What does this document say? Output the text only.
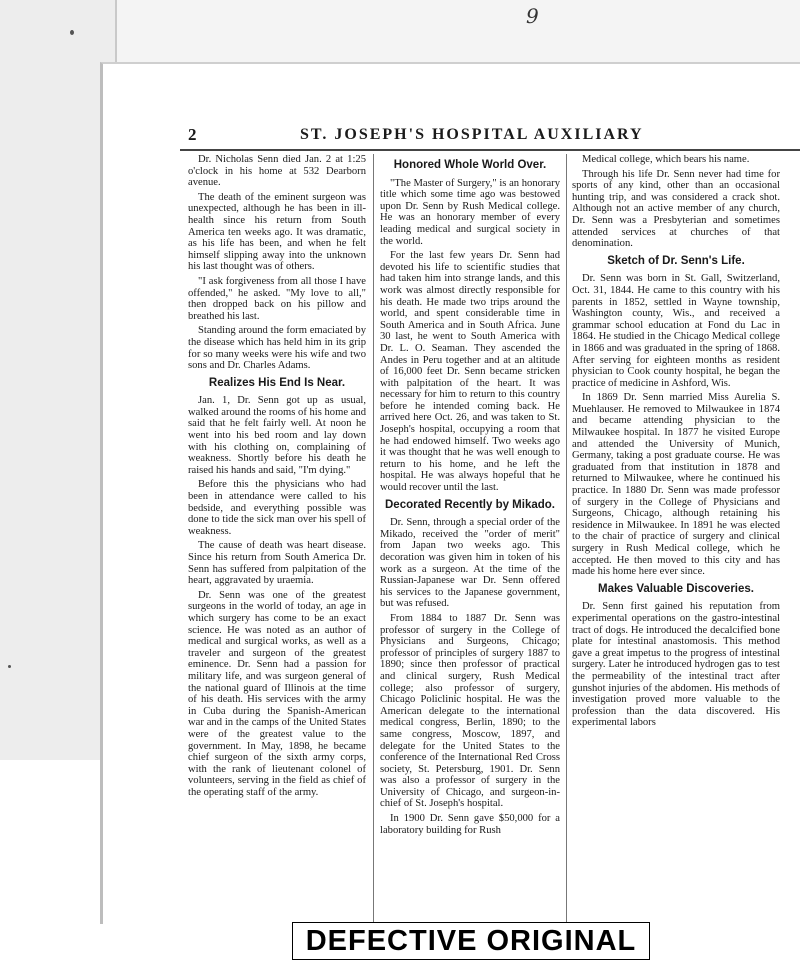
9
2	ST. JOSEPH'S HOSPITAL AUXILIARY

Dr. Nicholas Senn died Jan. 2 at 1:25 o'clock in his home at 532 Dearborn avenue.

The death of the eminent surgeon was unexpected, although he has been in ill-health since his return from South America ten weeks ago. It was dramatic, as his life has been, and when he felt himself slipping away into the unknown his last thought was of others.

"I ask forgiveness from all those I have offended," he asked. "My love to all," then dropped back on his pillow and breathed his last.

Standing around the form emaciated by the disease which has held him in its grip for so many weeks were his wife and two sons and Dr. Charles Adams.

Realizes His End Is Near.

Jan. 1, Dr. Senn got up as usual, walked around the rooms of his home and said that he felt fairly well. At noon he went into his bed room and lay down with his clothing on, complaining of weakness. Shortly before his death he raised his hands and said, "I'm dying."

Before this the physicians who had been in attendance were called to his bedside, and everything possible was done to tide the sick man over his spell of weakness.

The cause of death was heart disease. Since his return from South America Dr. Senn has suffered from palpitation of the heart, aggravated by uraemia.

Dr. Senn was one of the greatest surgeons in the world of today, an age in which surgery has come to be an exact science. He was noted as an author of medical and surgical works, as well as a traveler and surgeon of the greatest eminence. Dr. Senn had a passion for military life, and was surgeon general of the national guard of Illinois at the time of his death. His services with the army in Cuba during the Spanish-American war and in the camps of the United States were of the greatest value to the government. In May, 1898, he became chief surgeon of the sixth army corps, with the rank of lieutenant colonel of volunteers, serving in the field as chief of the operating staff of the army.

Honored Whole World Over.

"The Master of Surgery," is an honorary title which some time ago was bestowed upon Dr. Senn by Rush Medical college. He was an honorary member of every leading medical and surgical society in the world.

For the last few years Dr. Senn had devoted his life to scientific studies that had taken him into strange lands, and this work was almost directly responsible for his death. He made two trips around the world, and spent considerable time in South America and in South Africa. June 30 last, he went to South America with Dr. L. O. Seaman. They ascended the Andes in Peru together and at an altitude of 16,000 feet Dr. Senn became stricken with palpitation of the heart. It was necessary for him to return to this country before he intended coming back. He arrived here Oct. 26, and was taken to St. Joseph's hospital, occupying a room that he had endowed himself. Two weeks ago it was thought that he was well enough to return to his home, and he left the hospital. He was always hopeful that he would recover until the last.

Decorated Recently by Mikado.

Dr. Senn, through a special order of the Mikado, received the "order of merit" from Japan two weeks ago. This decoration was given him in token of his work as a surgeon. At the time of the Russian-Japanese war Dr. Senn offered his services to the Japanese government, but was refused.

From 1884 to 1887 Dr. Senn was professor of surgery in the College of Physicians and Surgeons, Chicago; professor of principles of surgery 1887 to 1890; since then professor of practical and clinical surgery, Rush Medical college; also professor of surgery, Chicago Policlinic hospital. He was the American delegate to the international medical congress, Berlin, 1890; to the same congress, Moscow, 1897, and delegate for the United States to the conference of the International Red Cross society, St. Petersburg, 1901. Dr. Senn was also a professor of surgery in the University of Chicago, and surgeon-in-chief of St. Joseph's hospital.

In 1900 Dr. Senn gave $50,000 for a laboratory building for Rush

Medical college, which bears his name.

Through his life Dr. Senn never had time for sports of any kind, other than an occasional hunting trip, and was considered a crack shot. Although not an active member of any church, Dr. Senn was a Presbyterian and sometimes attended services at churches of that denomination.

Sketch of Dr. Senn's Life.

Dr. Senn was born in St. Gall, Switzerland, Oct. 31, 1844. He came to this country with his parents in 1852, settled in Wayne township, Washington county, Wis., and received a grammar school education at Fond du Lac in 1864. He studied in the Chicago Medical college in 1866 and was graduated in the spring of 1868. After serving for eighteen months as resident physician to Cook county hospital, he began the practice of medicine in Ashford, Wis.

In 1869 Dr. Senn married Miss Aurelia S. Muehlauser. He removed to Milwaukee in 1874 and became attending physician to the Milwaukee hospital. In 1877 he visited Europe and attended the University of Munich, Germany, taking a post graduate course. He was graduated from that institution in 1878 and returned to Milwaukee, where he continued his practice. In 1880 Dr. Senn was made professor of surgery in the College of Physicians and Surgeons, Chicago, although retaining his residence in Milwaukee. In 1891 he was elected to the chair of practice of surgery and clinical surgery in Rush Medical college, which he accepted. He then moved to this city and has made his home here ever since.

Makes Valuable Discoveries.

Dr. Senn first gained his reputation from experimental operations on the gastro-intestinal tract of dogs. He introduced the decalcified bone plate for intestinal anastomosis. This method gave a great impetus to the progress of intestinal surgery. Later he introduced hydrogen gas to test the permeability of the intestinal tract after gunshot injuries of the abdomen. His methods of investigation proved more valuable to the profession than the data discovered. His experimental labors

DEFECTIVE ORIGINAL
